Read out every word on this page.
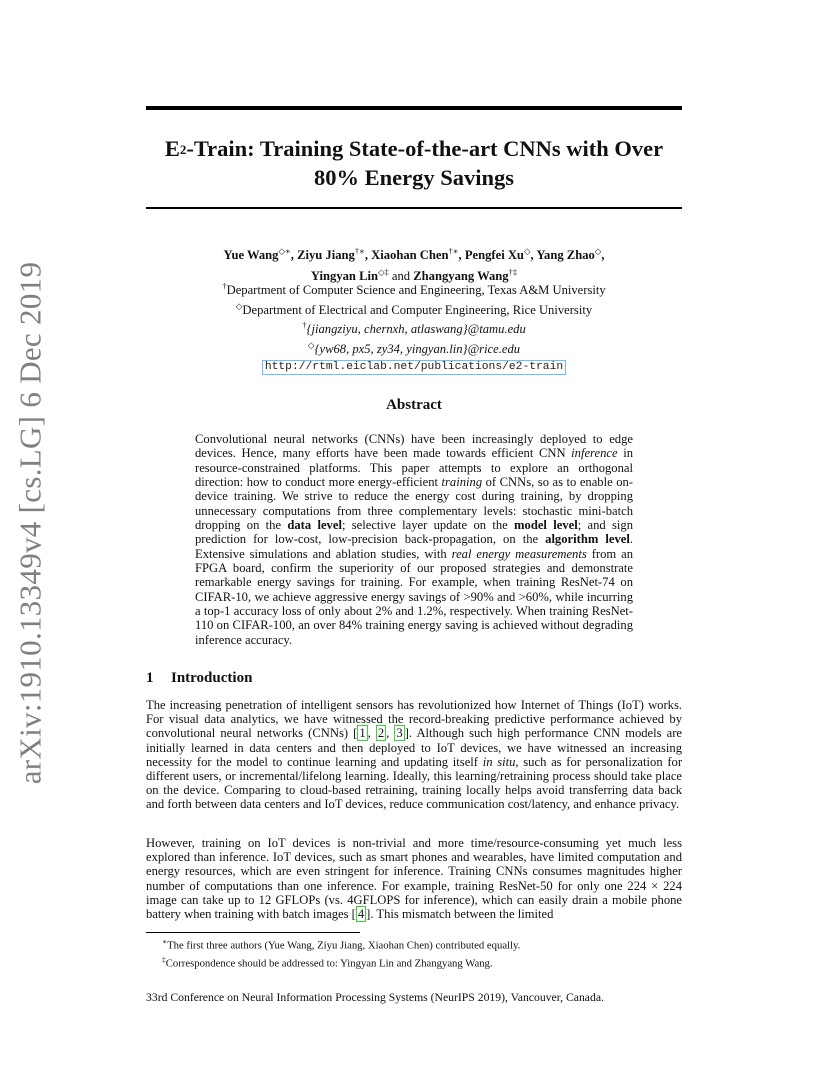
arXiv:1910.13349v4 [cs.LG] 6 Dec 2019
$E^2$-Train: Training State-of-the-art CNNs with Over
80% Energy Savings
Yue Wang◇∗, Ziyu Jiang†∗, Xiaohan Chen†∗, Pengfei Xu◇, Yang Zhao◇,
Yingyan Lin◇‡ and Zhangyang Wang†‡
†Department of Computer Science and Engineering, Texas A&M University
◇Department of Electrical and Computer Engineering, Rice University
†{jiangziyu, chernxh, atlaswang}@tamu.edu
◇{yw68, px5, zy34, yingyan.lin}@rice.edu
http://rtml.eiclab.net/publications/e2-train
Abstract
Convolutional neural networks (CNNs) have been increasingly deployed to edge devices. Hence, many efforts have been made towards efficient CNN inference in resource-constrained platforms. This paper attempts to explore an orthogonal direction: how to conduct more energy-efficient training of CNNs, so as to enable on-device training. We strive to reduce the energy cost during training, by dropping unnecessary computations from three complementary levels: stochastic mini-batch dropping on the data level; selective layer update on the model level; and sign prediction for low-cost, low-precision back-propagation, on the algorithm level. Extensive simulations and ablation studies, with real energy measurements from an FPGA board, confirm the superiority of our proposed strategies and demonstrate remarkable energy savings for training. For example, when training ResNet-74 on CIFAR-10, we achieve aggressive energy savings of >90% and >60%, while incurring a top-1 accuracy loss of only about 2% and 1.2%, respectively. When training ResNet-110 on CIFAR-100, an over 84% training energy saving is achieved without degrading inference accuracy.
1 Introduction
The increasing penetration of intelligent sensors has revolutionized how Internet of Things (IoT) works. For visual data analytics, we have witnessed the record-breaking predictive performance achieved by convolutional neural networks (CNNs) [ 1 , 2 , 3 ]. Although such high performance CNN models are initially learned in data centers and then deployed to IoT devices, we have witnessed an increasing necessity for the model to continue learning and updating itself in situ, such as for personalization for different users, or incremental/lifelong learning. Ideally, this learning/retraining process should take place on the device. Comparing to cloud-based retraining, training locally helps avoid transferring data back and forth between data centers and IoT devices, reduce communication cost/latency, and enhance privacy.
However, training on IoT devices is non-trivial and more time/resource-consuming yet much less explored than inference. IoT devices, such as smart phones and wearables, have limited computation and energy resources, which are even stringent for inference. Training CNNs consumes magnitudes higher number of computations than one inference. For example, training ResNet-50 for only one 224 × 224 image can take up to 12 GFLOPs (vs. 4GFLOPS for inference), which can easily drain a mobile phone battery when training with batch images [ 4 ]. This mismatch between the limited
∗The first three authors (Yue Wang, Ziyu Jiang, Xiaohan Chen) contributed equally.
‡Correspondence should be addressed to: Yingyan Lin and Zhangyang Wang.
33rd Conference on Neural Information Processing Systems (NeurIPS 2019), Vancouver, Canada.
